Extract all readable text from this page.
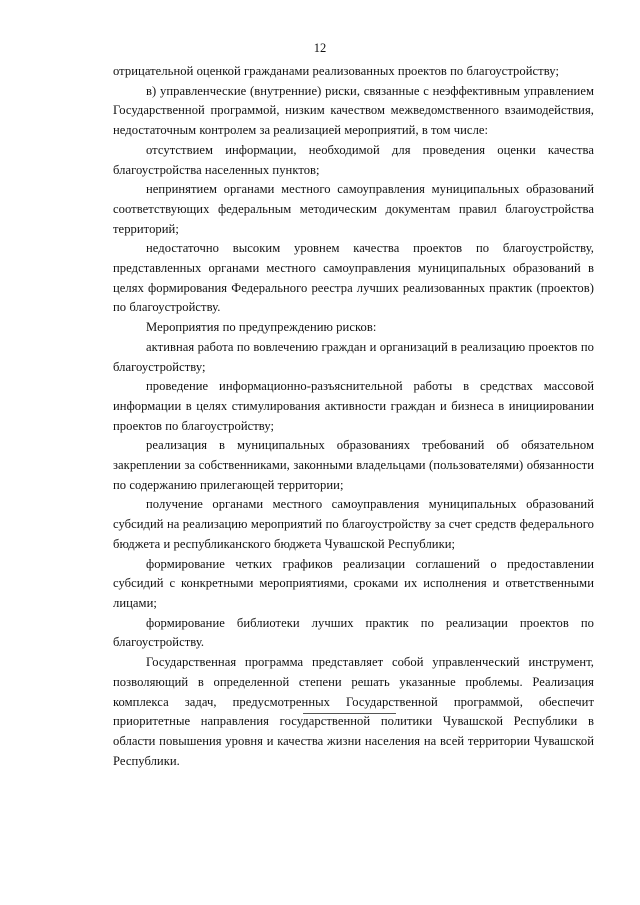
12

отрицательной оценкой гражданами реализованных проектов по благоустройству;

в) управленческие (внутренние) риски, связанные с неэффективным управлением Государственной программой, низким качеством межведомственного взаимодействия, недостаточным контролем за реализацией мероприятий, в том числе:

отсутствием информации, необходимой для проведения оценки качества благоустройства населенных пунктов;

непринятием органами местного самоуправления муниципальных образований соответствующих федеральным методическим документам правил благоустройства территорий;

недостаточно высоким уровнем качества проектов по благоустройству, представленных органами местного самоуправления муниципальных образований в целях формирования Федерального реестра лучших реализованных практик (проектов) по благоустройству.

Мероприятия по предупреждению рисков:

активная работа по вовлечению граждан и организаций в реализацию проектов по благоустройству;

проведение информационно-разъяснительной работы в средствах массовой информации в целях стимулирования активности граждан и бизнеса в инициировании проектов по благоустройству;

реализация в муниципальных образованиях требований об обязательном закреплении за собственниками, законными владельцами (пользователями) обязанности по содержанию прилегающей территории;

получение органами местного самоуправления муниципальных образований субсидий на реализацию мероприятий по благоустройству за счет средств федерального бюджета и республиканского бюджета Чувашской Республики;

формирование четких графиков реализации соглашений о предоставлении субсидий с конкретными мероприятиями, сроками их исполнения и ответственными лицами;

формирование библиотеки лучших практик по реализации проектов по благоустройству.

Государственная программа представляет собой управленческий инструмент, позволяющий в определенной степени решать указанные проблемы. Реализация комплекса задач, предусмотренных Государственной программой, обеспечит приоритетные направления государственной политики Чувашской Республики в области повышения уровня и качества жизни населения на всей территории Чувашской Республики.
